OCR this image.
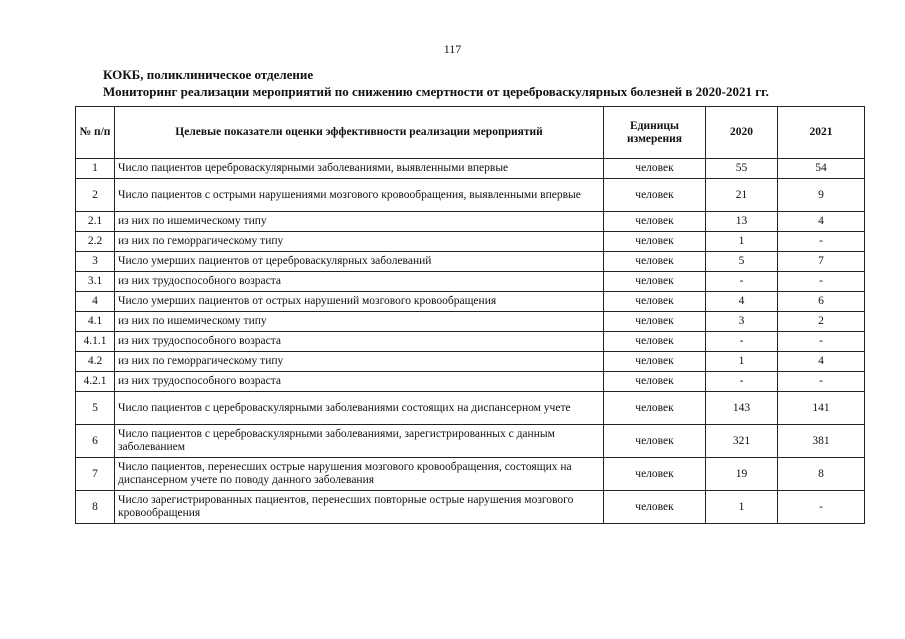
117
КОКБ, поликлиническое отделение
Мониторинг реализации мероприятий по снижению смертности от цереброваскулярных болезней в 2020-2021 гг.
№ п/п	Целевые показатели оценки эффективности реализации мероприятий	Единицы измерения	2020	2021
1	Число пациентов цереброваскулярными заболеваниями, выявленными впервые	человек	55	54
2	Число пациентов с острыми нарушениями мозгового кровообращения, выявленными впервые	человек	21	9
2.1	из них по ишемическому типу	человек	13	4
2.2	из них по геморрагическому типу	человек	1	-
3	Число умерших пациентов от цереброваскулярных заболеваний	человек	5	7
3.1	из них трудоспособного возраста	человек	-	-
4	Число умерших пациентов от острых нарушений мозгового кровообращения	человек	4	6
4.1	из них по ишемическому типу	человек	3	2
4.1.1	из них трудоспособного возраста	человек	-	-
4.2	из них по геморрагическому типу	человек	1	4
4.2.1	из них трудоспособного возраста	человек	-	-
5	Число пациентов с цереброваскулярными заболеваниями состоящих на диспансерном учете	человек	143	141
6	Число пациентов с цереброваскулярными заболеваниями, зарегистрированных с данным заболеванием	человек	321	381
7	Число пациентов, перенесших острые нарушения мозгового кровообращения, состоящих на диспансерном учете по поводу данного заболевания	человек	19	8
8	Число зарегистрированных пациентов, перенесших повторные острые нарушения мозгового кровообращения	человек	1	-
